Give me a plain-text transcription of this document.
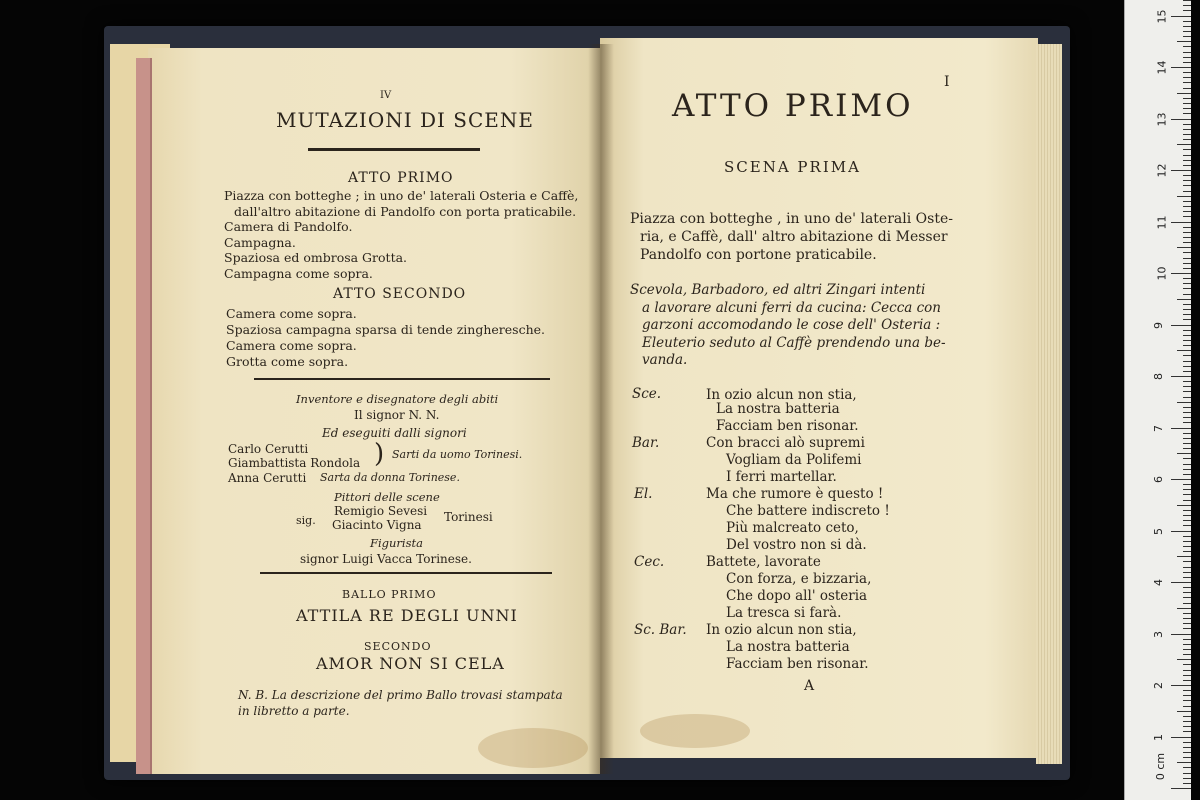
IV
MUTAZIONI DI SCENE
ATTO PRIMO
Piazza con botteghe ; in uno de' laterali Osteria e Caffè,
dall'altro abitazione di Pandolfo con porta praticabile.
Camera di Pandolfo.
Campagna.
Spaziosa ed ombrosa Grotta.
Campagna come sopra.
ATTO SECONDO
Camera come sopra.
Spaziosa campagna sparsa di tende zingheresche.
Camera come sopra.
Grotta come sopra.
Inventore e disegnatore degli abiti
Il signor N. N.
Ed eseguiti dalli signori
Carlo Cerutti
Giambattista Rondola ) Sarti da uomo Torinesi.
Anna Cerutti Sarta da donna Torinese.
Pittori delle scene
sig.
Remigio Sevesi
Giacinto Vigna
Torinesi
Figurista
signor Luigi Vacca Torinese.
BALLO PRIMO
ATTILA RE DEGLI UNNI
SECONDO
AMOR NON SI CELA
N. B. La descrizione del primo Ballo trovasi stampata
in libretto a parte.
I
ATTO PRIMO
SCENA PRIMA
Piazza con botteghe , in uno de' laterali Oste-
ria, e Caffè, dall' altro abitazione di Messer
Pandolfo con portone praticabile.
Scevola, Barbadoro, ed altri Zingari intenti
a lavorare alcuni ferri da cucina: Cecca con
garzoni accomodando le cose dell' Osteria :
Eleuterio seduto al Caffè prendendo una be-
vanda.
Sce.	In ozio alcun non stia,
La nostra batteria
Facciam ben risonar.
Bar.	Con bracci alò supremi
Vogliam da Polifemi
I ferri martellar.
El.	Ma che rumore è questo !
Che battere indiscreto !
Più malcreato ceto,
Del vostro non si dà.
Cec.	Battete, lavorate
Con forza, e bizzaria,
Che dopo all' osteria
La tresca si farà.
Sc. Bar. In ozio alcun non stia,
La nostra batteria
Facciam ben risonar.
A
15
14
13
12
11
10
9
8
7
6
5
4
3
2
1
0 cm
